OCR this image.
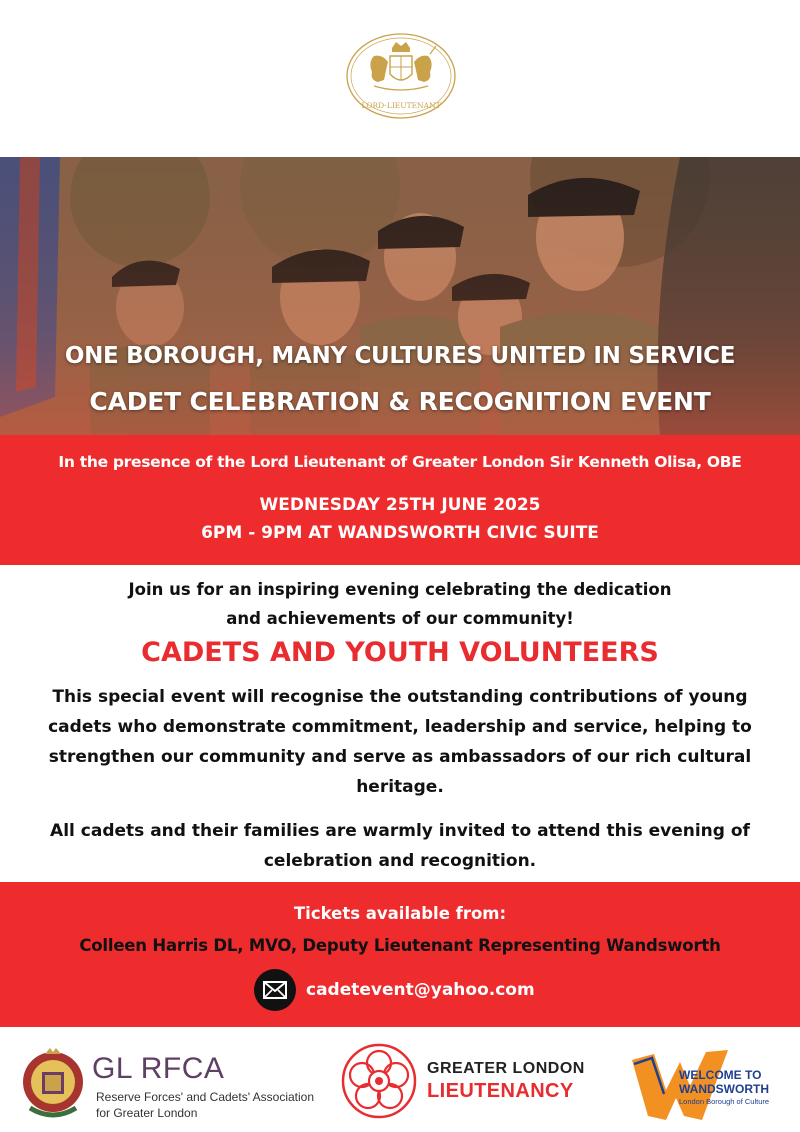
LORD-LIEUTENANT
ONE BOROUGH, MANY CULTURES UNITED IN SERVICE
CADET CELEBRATION & RECOGNITION EVENT
In the presence of the Lord Lieutenant of Greater London Sir Kenneth Olisa, OBE
WEDNESDAY 25TH JUNE 2025
6PM - 9PM AT WANDSWORTH CIVIC SUITE
Join us for an inspiring evening celebrating the dedication
and achievements of our community!
CADETS AND YOUTH VOLUNTEERS
This special event will recognise the outstanding contributions of young cadets who demonstrate commitment, leadership and service, helping to strengthen our community and serve as ambassadors of our rich cultural heritage.
All cadets and their families are warmly invited to attend this evening of celebration and recognition.
Tickets available from:
Colleen Harris DL, MVO, Deputy Lieutenant Representing Wandsworth
cadetevent@yahoo.com
GL RFCA
Reserve Forces' and Cadets' Association
for Greater London
GREATER LONDON
LIEUTENANCY
WELCOME TO
WANDSWORTH
London Borough of Culture
